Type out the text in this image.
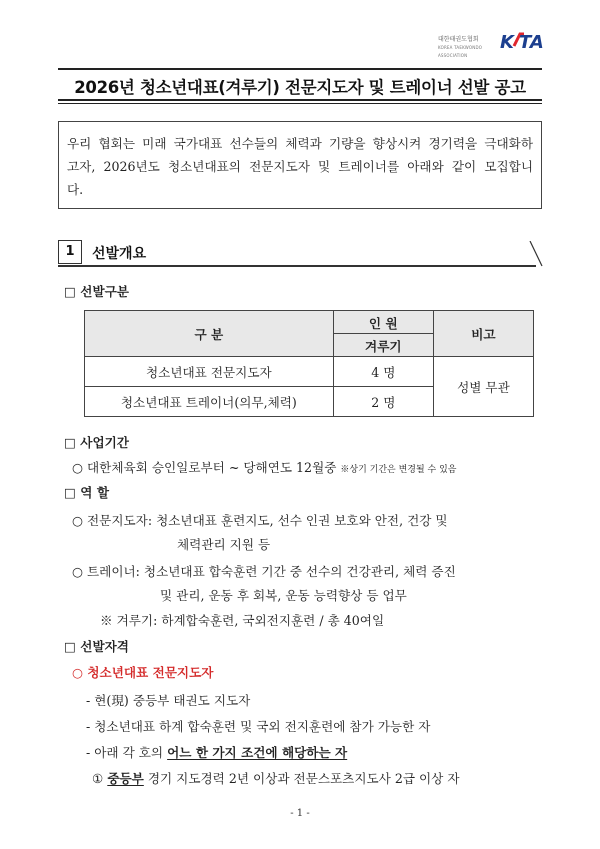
대한태권도협회
KOREA TAEKWONDO ASSOCIATION
K TA
2026년 청소년대표(겨루기) 전문지도자 및 트레이너 선발 공고
우리 협회는 미래 국가대표 선수들의 체력과 기량을 향상시켜 경기력을 극대화하고자, 2026년도 청소년대표의 전문지도자 및 트레이너를 아래와 같이 모집합니다.
1	선발개요
□ 선발구분
구 분	인 원	비고
	겨루기	
청소년대표 전문지도자	4 명	성별 무관
청소년대표 트레이너(의무,체력)	2 명	
□ 사업기간
○ 대한체육회 승인일로부터 ~ 당해연도 12월중 ※상기 기간은 변경될 수 있음
□ 역 할
○ 전문지도자: 청소년대표 훈련지도, 선수 인권 보호와 안전, 건강 및
체력관리 지원 등
○ 트레이너: 청소년대표 합숙훈련 기간 중 선수의 건강관리, 체력 증진
및 관리, 운동 후 회복, 운동 능력향상 등 업무
※ 겨루기: 하계합숙훈련, 국외전지훈련 / 총 40여일
□ 선발자격
○ 청소년대표 전문지도자
- 현(現) 중등부 태권도 지도자
- 청소년대표 하계 합숙훈련 및 국외 전지훈련에 참가 가능한 자
- 아래 각 호의 어느 한 가지 조건에 해당하는 자
① 중등부 경기 지도경력 2년 이상과 전문스포츠지도사 2급 이상 자
- 1 -
